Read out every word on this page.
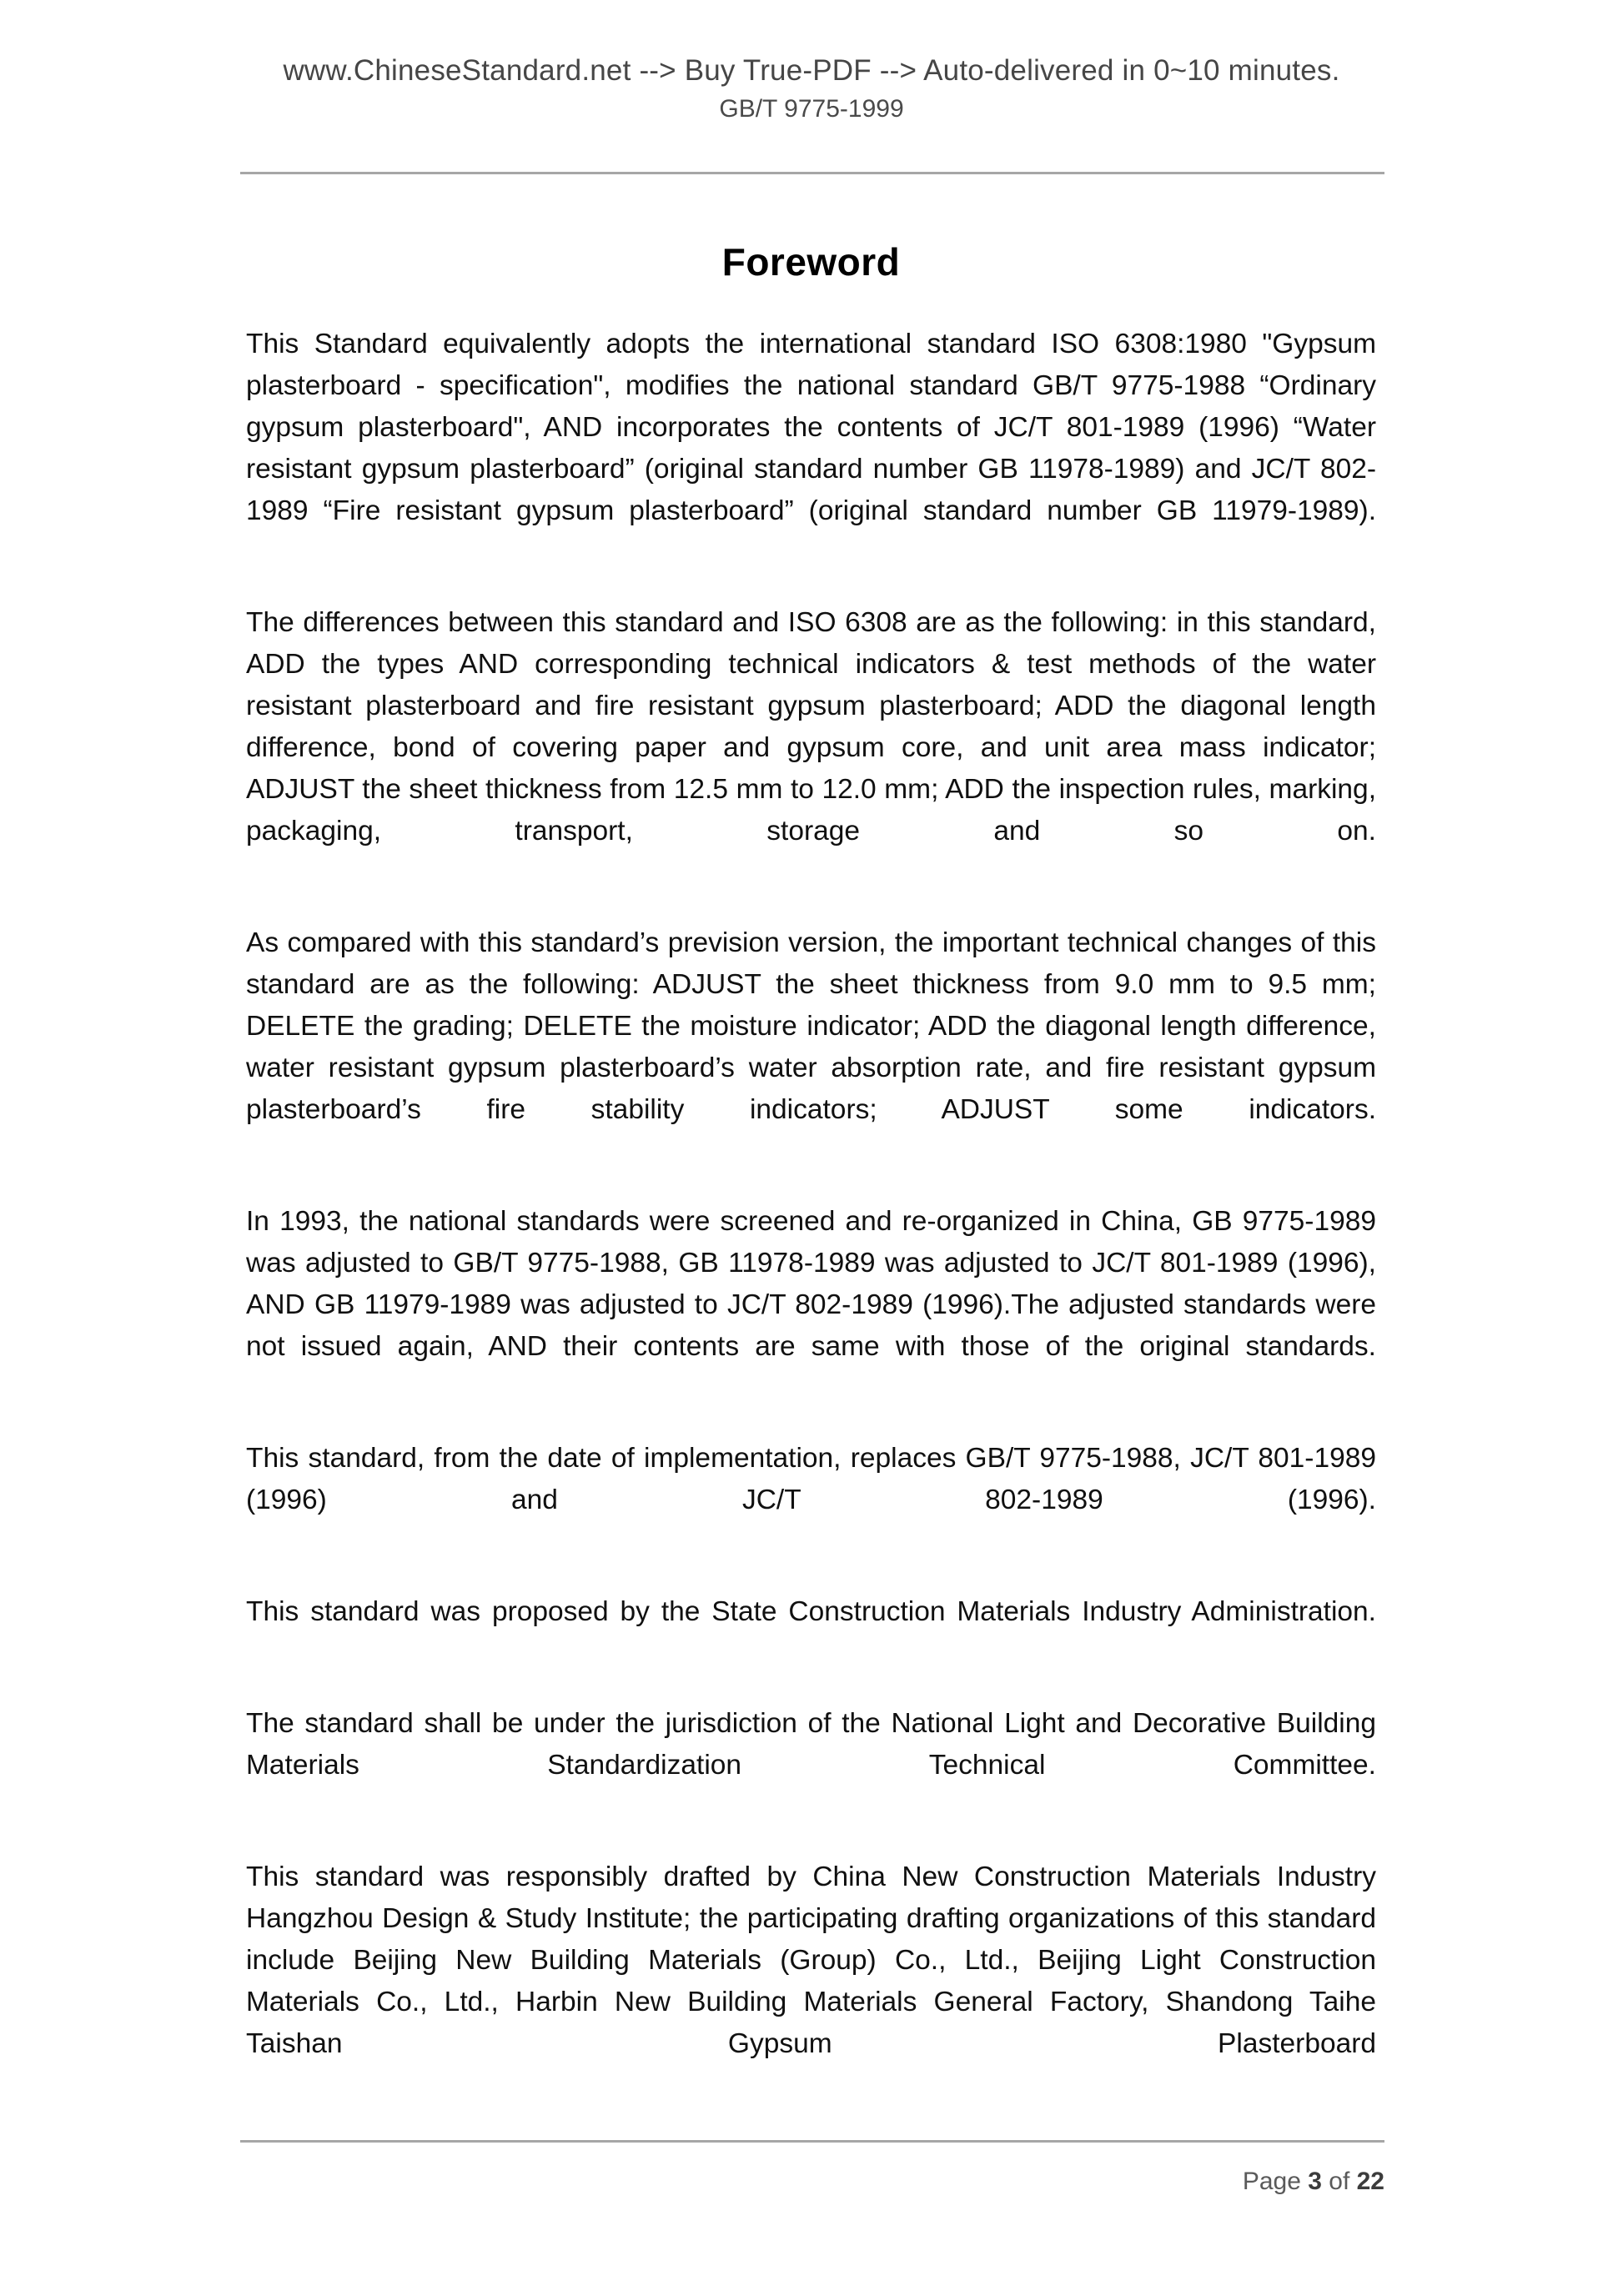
www.ChineseStandard.net --> Buy True-PDF --> Auto-delivered in 0~10 minutes.
GB/T 9775-1999
Foreword

This Standard equivalently adopts the international standard ISO 6308:1980 "Gypsum plasterboard - specification", modifies the national standard GB/T 9775-1988 “Ordinary gypsum plasterboard", AND incorporates the contents of JC/T 801-1989 (1996) “Water resistant gypsum plasterboard” (original standard number GB 11978-1989) and JC/T 802-1989 “Fire resistant gypsum plasterboard” (original standard number GB 11979-1989).

The differences between this standard and ISO 6308 are as the following: in this standard, ADD the types AND corresponding technical indicators & test methods of the water resistant plasterboard and fire resistant gypsum plasterboard; ADD the diagonal length difference, bond of covering paper and gypsum core, and unit area mass indicator; ADJUST the sheet thickness from 12.5 mm to 12.0 mm; ADD the inspection rules, marking, packaging, transport, storage and so on.

As compared with this standard’s prevision version, the important technical changes of this standard are as the following: ADJUST the sheet thickness from 9.0 mm to 9.5 mm; DELETE the grading; DELETE the moisture indicator; ADD the diagonal length difference, water resistant gypsum plasterboard’s water absorption rate, and fire resistant gypsum plasterboard’s fire stability indicators; ADJUST some indicators.

In 1993, the national standards were screened and re-organized in China, GB 9775-1989 was adjusted to GB/T 9775-1988, GB 11978-1989 was adjusted to JC/T 801-1989 (1996), AND GB 11979-1989 was adjusted to JC/T 802-1989 (1996).The adjusted standards were not issued again, AND their contents are same with those of the original standards.

This standard, from the date of implementation, replaces GB/T 9775-1988, JC/T 801-1989 (1996) and JC/T 802-1989 (1996).

This standard was proposed by the State Construction Materials Industry Administration.

The standard shall be under the jurisdiction of the National Light and Decorative Building Materials Standardization Technical Committee.

This standard was responsibly drafted by China New Construction Materials Industry Hangzhou Design & Study Institute; the participating drafting organizations of this standard include Beijing New Building Materials (Group) Co., Ltd., Beijing Light Construction Materials Co., Ltd., Harbin New Building Materials General Factory, Shandong Taihe Taishan Gypsum Plasterboard

Page 3 of 22
